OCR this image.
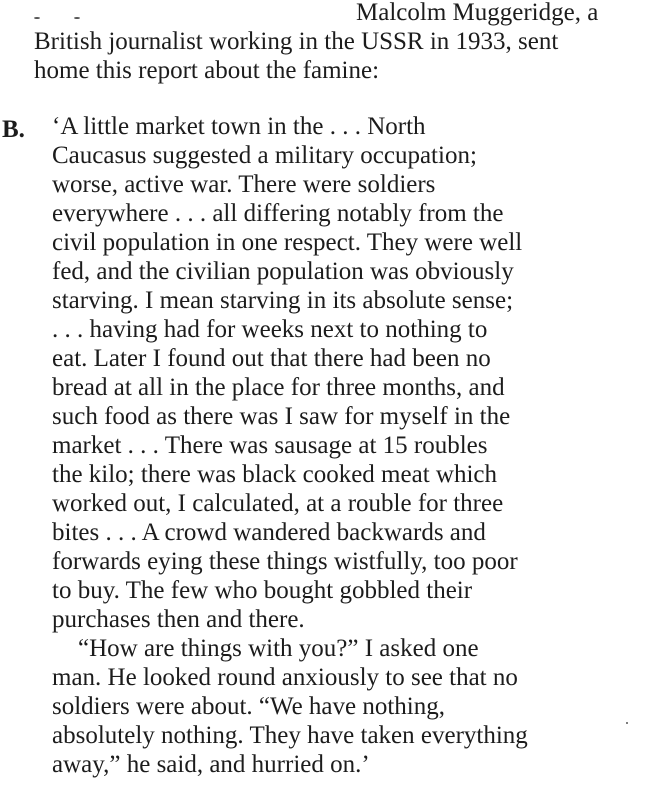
Malcolm Muggeridge, a

British journalist working in the USSR in 1933, sent

home this report about the famine:

B. ‘A little market town in the . . . North

Caucasus suggested a military occupation;

worse, active war. There were soldiers

everywhere . . . all differing notably from the

civil population in one respect. They were well

fed, and the civilian population was obviously

starving. I mean starving in its absolute sense;

. . . having had for weeks next to nothing to

eat. Later I found out that there had been no

bread at all in the place for three months, and

such food as there was I saw for myself in the

market . . . There was sausage at 15 roubles

the kilo; there was black cooked meat which

worked out, I calculated, at a rouble for three

bites . . . A crowd wandered backwards and

forwards eying these things wistfully, too poor

to buy. The few who bought gobbled their

purchases then and there.

“How are things with you?” I asked one

man. He looked round anxiously to see that no

soldiers were about. “We have nothing,

absolutely nothing. They have taken everything

away,” he said, and hurried on.’
